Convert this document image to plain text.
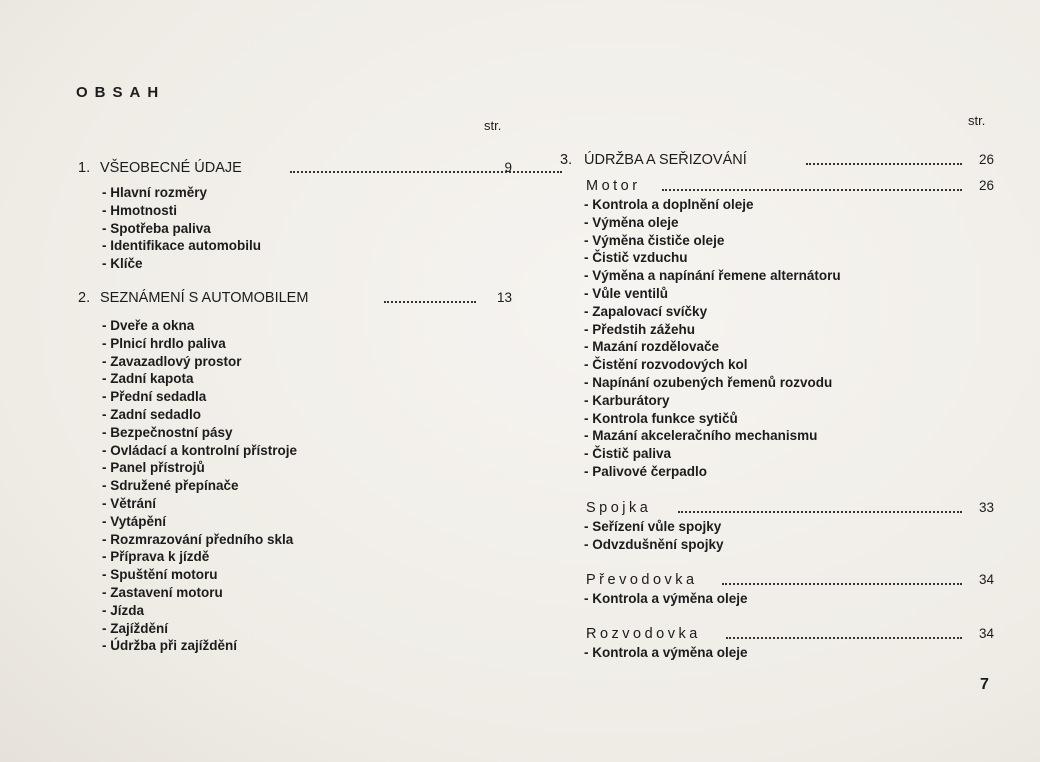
OBSAH
str.	str.
1. VŠEOBECNÉ ÚDAJE	9
- Hlavní rozměry
- Hmotnosti
- Spotřeba paliva
- Identifikace automobilu
- Klíče
2. SEZNÁMENÍ S AUTOMOBILEM	13
- Dveře a okna
- Plnicí hrdlo paliva
- Zavazadlový prostor
- Zadní kapota
- Přední sedadla
- Zadní sedadlo
- Bezpečnostní pásy
- Ovládací a kontrolní přístroje
- Panel přístrojů
- Sdružené přepínače
- Větrání
- Vytápění
- Rozmrazování předního skla
- Příprava k jízdě
- Spuštění motoru
- Zastavení motoru
- Jízda
- Zajíždění
- Údržba při zajíždění
3. ÚDRŽBA A SEŘIZOVÁNÍ	26
Motor	26
- Kontrola a doplnění oleje
- Výměna oleje
- Výměna čističe oleje
- Čistič vzduchu
- Výměna a napínání řemene alternátoru
- Vůle ventilů
- Zapalovací svíčky
- Předstih zážehu
- Mazání rozdělovače
- Čistění rozvodových kol
- Napínání ozubených řemenů rozvodu
- Karburátory
- Kontrola funkce sytičů
- Mazání akceleračního mechanismu
- Čistič paliva
- Palivové čerpadlo
Spojka	33
- Seřízení vůle spojky
- Odvzdušnění spojky
Převodovka	34
- Kontrola a výměna oleje
Rozvodovka	34
- Kontrola a výměna oleje
7
